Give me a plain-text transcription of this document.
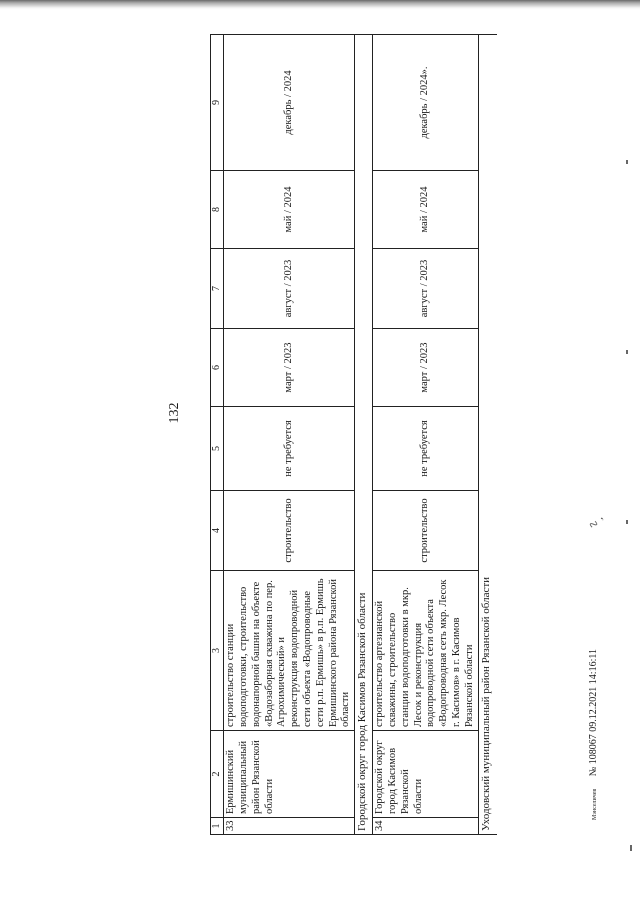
132
1	2	3	4	5	6	7	8	9
33	Ермишинский муниципальный район Рязанской области	строительство станции водоподготовки, строительство водонапорной башни на объекте «Водозаборная скважина по пер. Агрохимический» и реконструкция водопроводной сети объекта «Водопроводные сети р.п. Ермишь» в р.п. Ермишь Ермишинского района Рязанской области	строительство	не требуется	март / 2023	август / 2023	май / 2024	декабрь / 2024
Городской округ город Касимов Рязанской области								
34	Городской округ город Касимов Рязанской области	строительство артезианской скважины, строительство станции водоподготовки в мкр. Лесок и реконструкция водопроводной сети объекта «Водопроводная сеть мкр. Лесок г. Касимов» в г. Касимов Рязанской области	строительство	не требуется	март / 2023	август / 2023	май / 2024	декабрь / 2024».
Уходовский муниципальный район Рязанской области									Мэнселичев № 108067 09.12.2021 14:16:11
∿ ,
